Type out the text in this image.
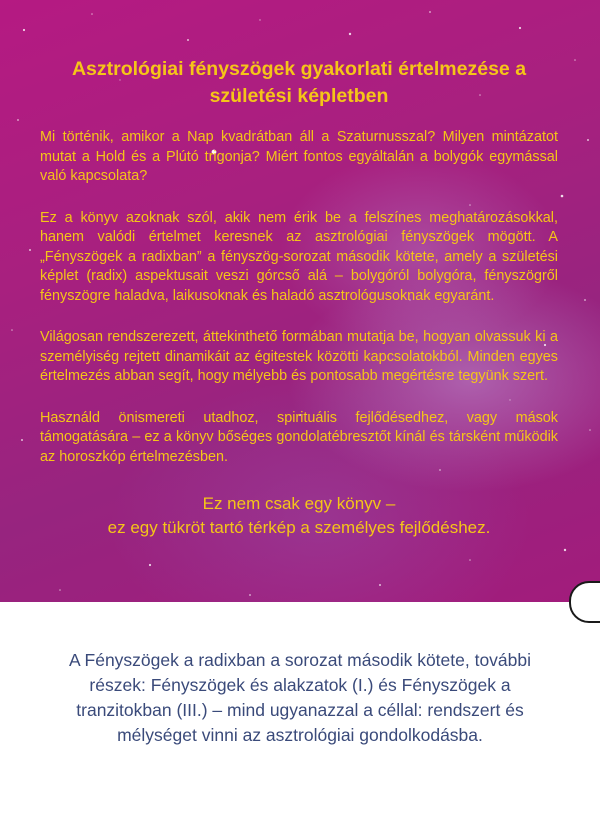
Asztrológiai fényszögek gyakorlati értelmezése a
születési képletben

Mi történik, amikor a Nap kvadrátban áll a Szaturnusszal? Milyen mintázatot mutat a Hold és a Plútó trigonja? Miért fontos egyáltalán a bolygók egymással való kapcsolata?

Ez a könyv azoknak szól, akik nem érik be a felszínes meghatározásokkal, hanem valódi értelmet keresnek az asztrológiai fényszögek mögött. A „Fényszögek a radixban” a fényszög-sorozat második kötete, amely a születési képlet (radix) aspektusait veszi górcső alá – bolygóról bolygóra, fényszögről fényszögre haladva, laikusoknak és haladó asztrológusoknak egyaránt.

Világosan rendszerezett, áttekinthető formában mutatja be, hogyan olvassuk ki a személyiség rejtett dinamikáit az égitestek közötti kapcsolatokból. Minden egyes értelmezés abban segít, hogy mélyebb és pontosabb megértésre tegyünk szert.

Használd önismereti utadhoz, spirituális fejlődésedhez, vagy mások támogatására – ez a könyv bőséges gondolatébresztőt kínál és társként működik az horoszkóp értelmezésben.

Ez nem csak egy könyv –
ez egy tükröt tartó térkép a személyes fejlődéshez.
A Fényszögek a radixban a sorozat második kötete, további részek: Fényszögek és alakzatok (I.) és Fényszögek a tranzitokban (III.) – mind ugyanazzal a céllal: rendszert és mélységet vinni az asztrológiai gondolkodásba.
